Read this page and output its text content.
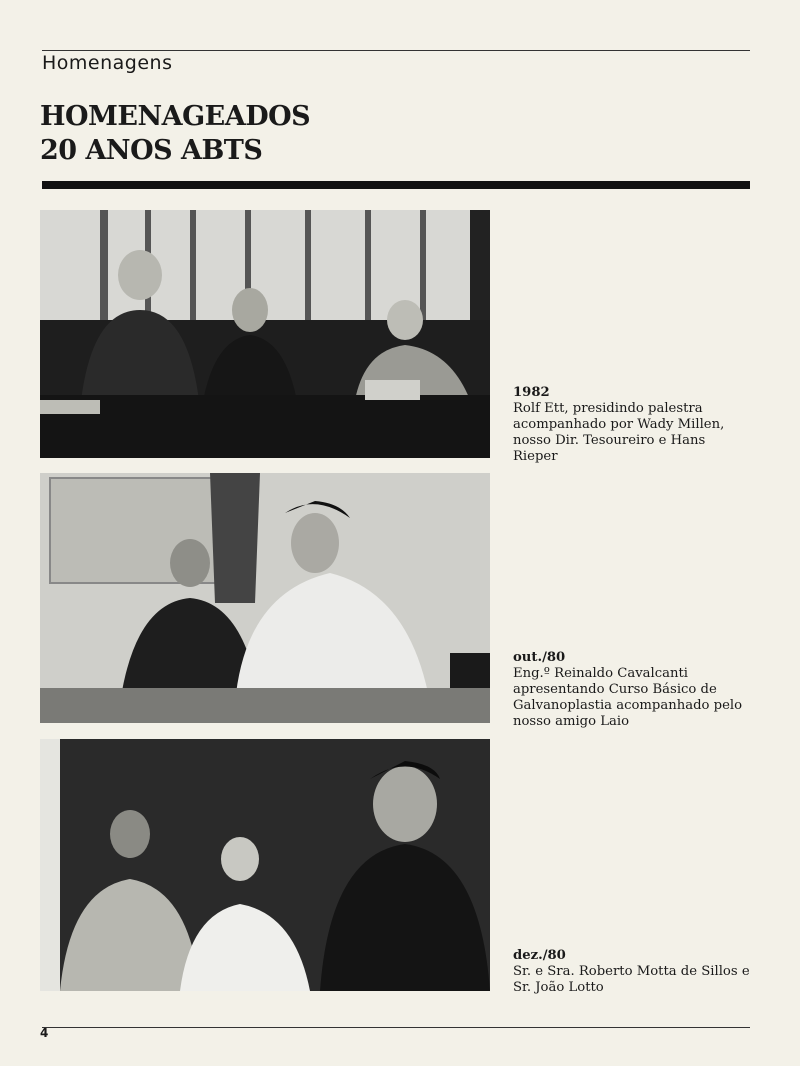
Homenagens
HOMENAGEADOS
20 ANOS ABTS
1982
Rolf Ett, presidindo palestra acompanhado por Wady Millen, nosso Dir. Tesoureiro e Hans Rieper
out./80
Eng.º Reinaldo Cavalcanti apresentando Curso Básico de Galvanoplastia acompanhado pelo nosso amigo Laio
dez./80
Sr. e Sra. Roberto Motta de Sillos e Sr. João Lotto
4
